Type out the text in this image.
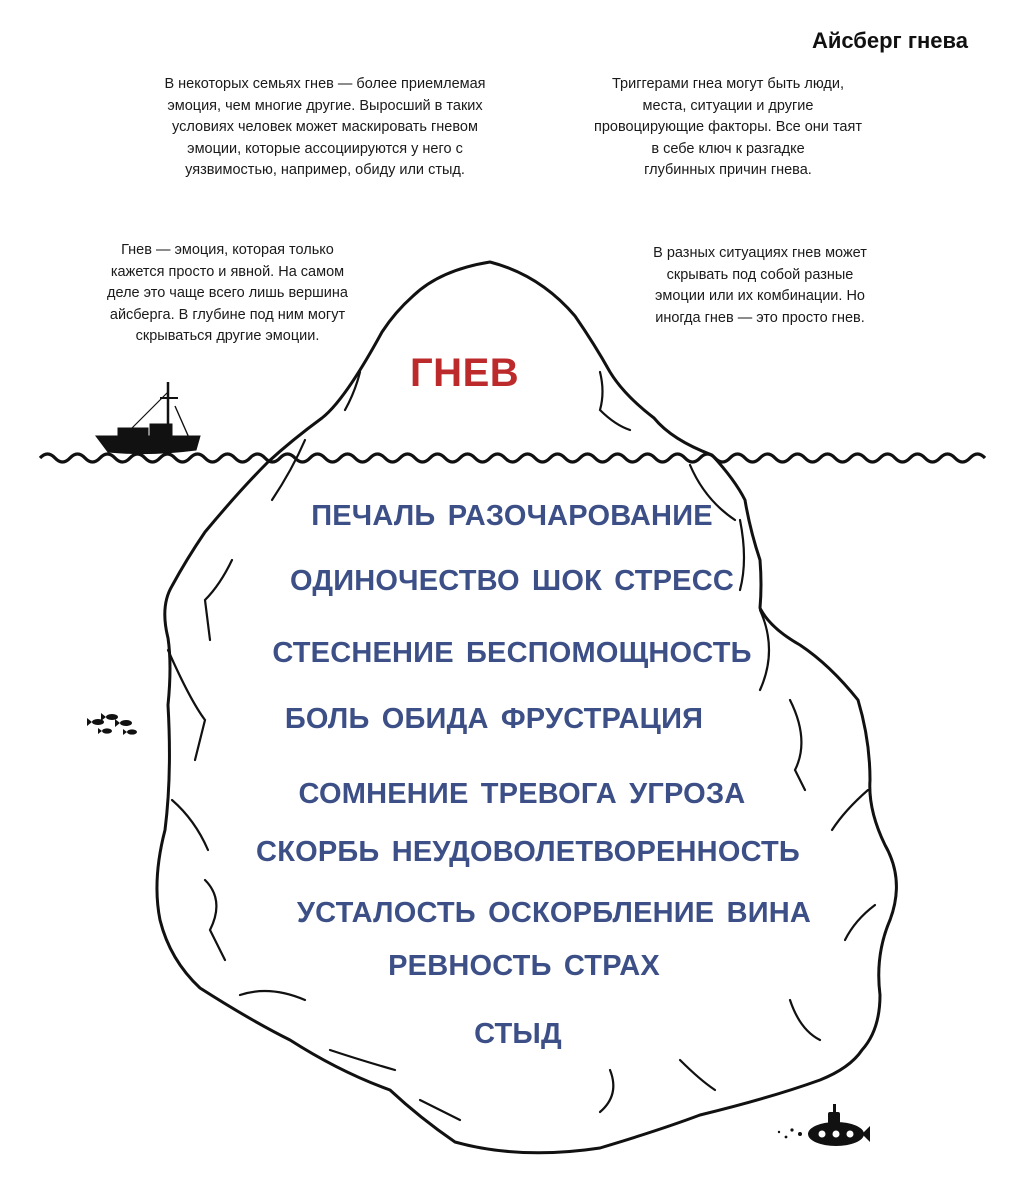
Айсберг гнева
В некоторых семьях гнев — более приемлемая
эмоция, чем многие другие. Выросший в таких
условиях человек может маскировать гневом
эмоции, которые ассоциируются у него с
уязвимостью, например, обиду или стыд.
Триггерами гнеа могут быть люди,
места, ситуации и другие
провоцирующие факторы. Все они таят
в себе ключ к разгадке
глубинных причин гнева.
Гнев — эмоция, которая только
кажется просто и явной. На самом
деле это чаще всего лишь вершина
айсберга. В глубине под ним могут
скрываться другие эмоции.
В разных ситуациях гнев может
скрывать под собой разные
эмоции или их комбинации. Но
иногда гнев — это просто гнев.
ГНЕВ
ПЕЧАЛЬ РАЗОЧАРОВАНИЕ
ОДИНОЧЕСТВО ШОК СТРЕСС
СТЕСНЕНИЕ БЕСПОМОЩНОСТЬ
БОЛЬ ОБИДА ФРУСТРАЦИЯ
СОМНЕНИЕ ТРЕВОГА УГРОЗА
СКОРБЬ НЕУДОВОЛЕТВОРЕННОСТЬ
УСТАЛОСТЬ ОСКОРБЛЕНИЕ ВИНА
РЕВНОСТЬ СТРАХ
СТЫД
